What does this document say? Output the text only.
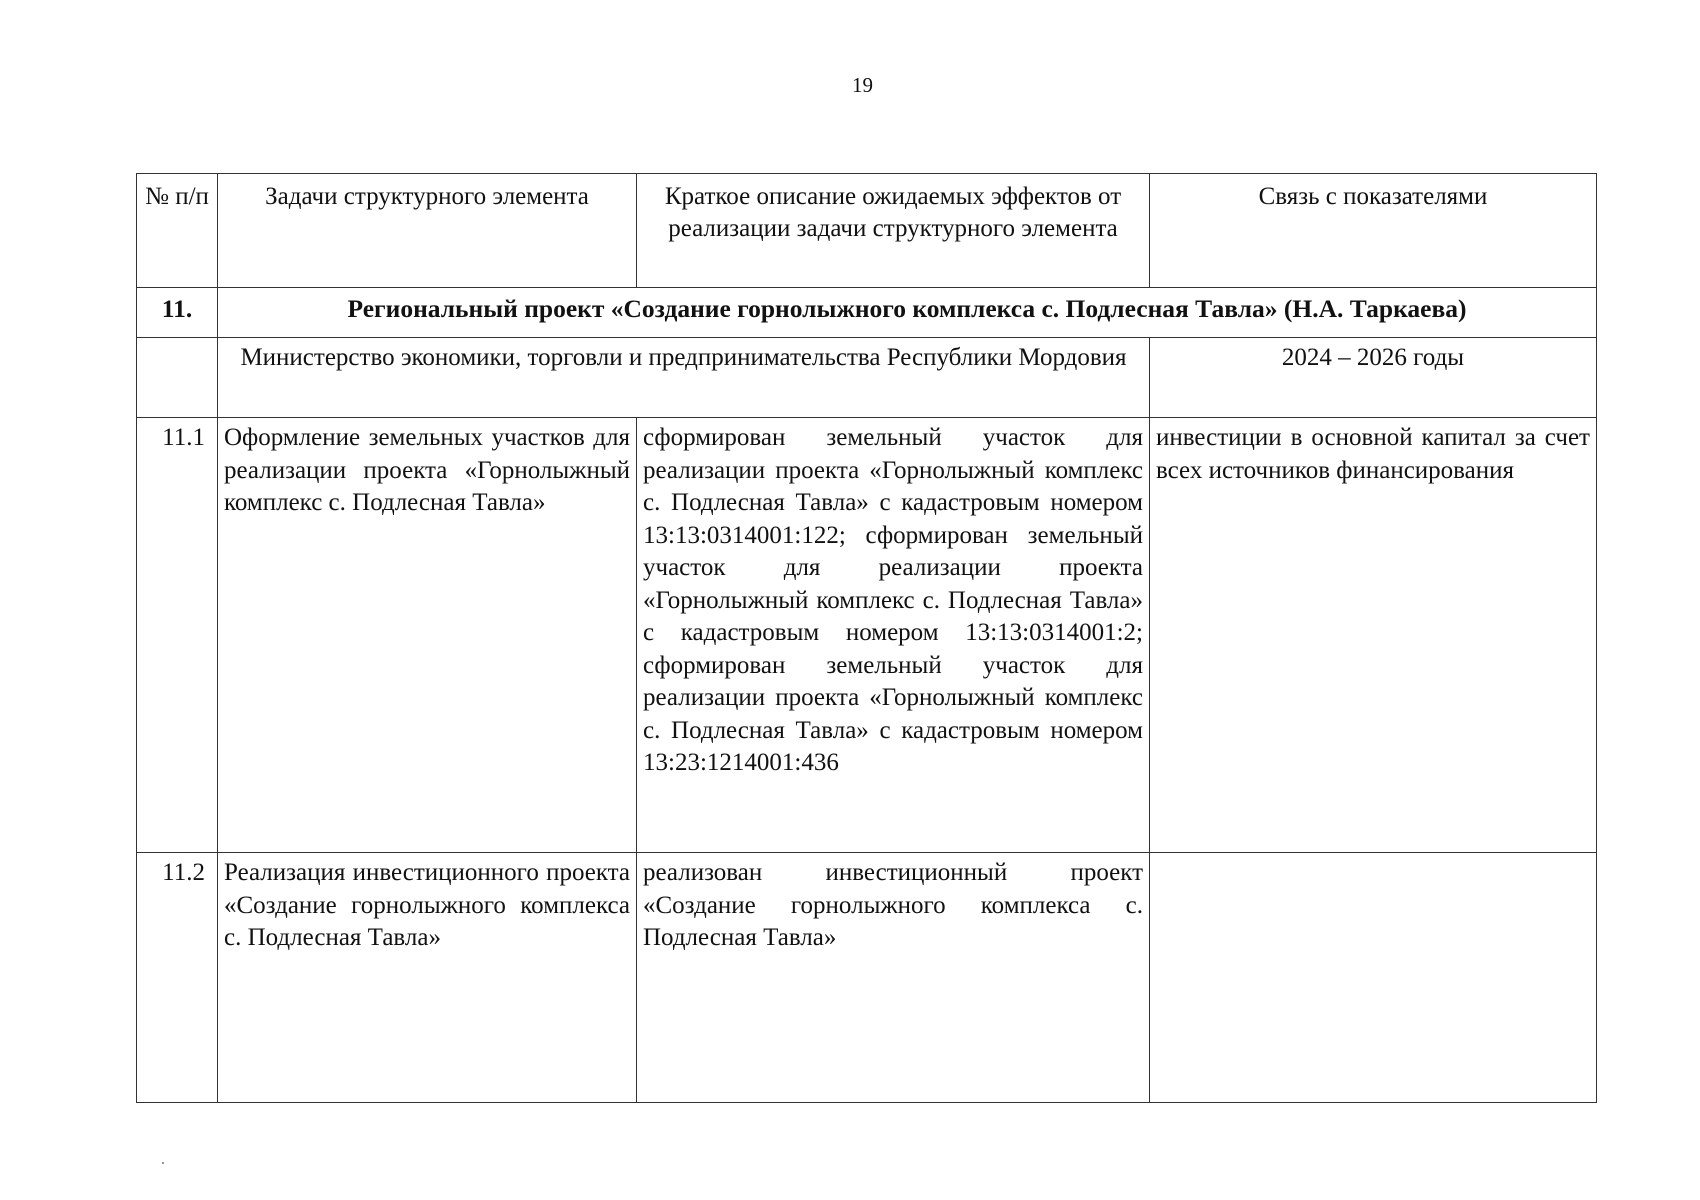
19
№ п/п	Задачи структурного элемента	Краткое описание ожидаемых эффектов от реализации задачи структурного элемента	Связь с показателями
11.	Региональный проект «Создание горнолыжного комплекса с. Подлесная Тавла» (Н.А. Таркаева)		
	Министерство экономики, торговли и предпринимательства Республики Мордовия		2024 – 2026 годы
11.1	Оформление земельных участков для реализации проекта «Горнолыжный комплекс с. Подлесная Тавла»	сформирован земельный участок для реализации проекта «Горнолыжный комплекс с. Подлесная Тавла» с кадастровым номером 13:13:0314001:122; сформирован земельный участок для реализации проекта «Горнолыжный комплекс с. Подлесная Тавла» с кадастровым номером 13:13:0314001:2; сформирован земельный участок для реализации проекта «Горнолыжный комплекс с. Подлесная Тавла» с кадастровым номером 13:23:1214001:436	инвестиции в основной капитал за счет всех источников финансирования
11.2	Реализация инвестиционного проекта «Создание горнолыжного комплекса с. Подлесная Тавла»	реализован инвестиционный проект «Создание горнолыжного комплекса с. Подлесная Тавла»	
